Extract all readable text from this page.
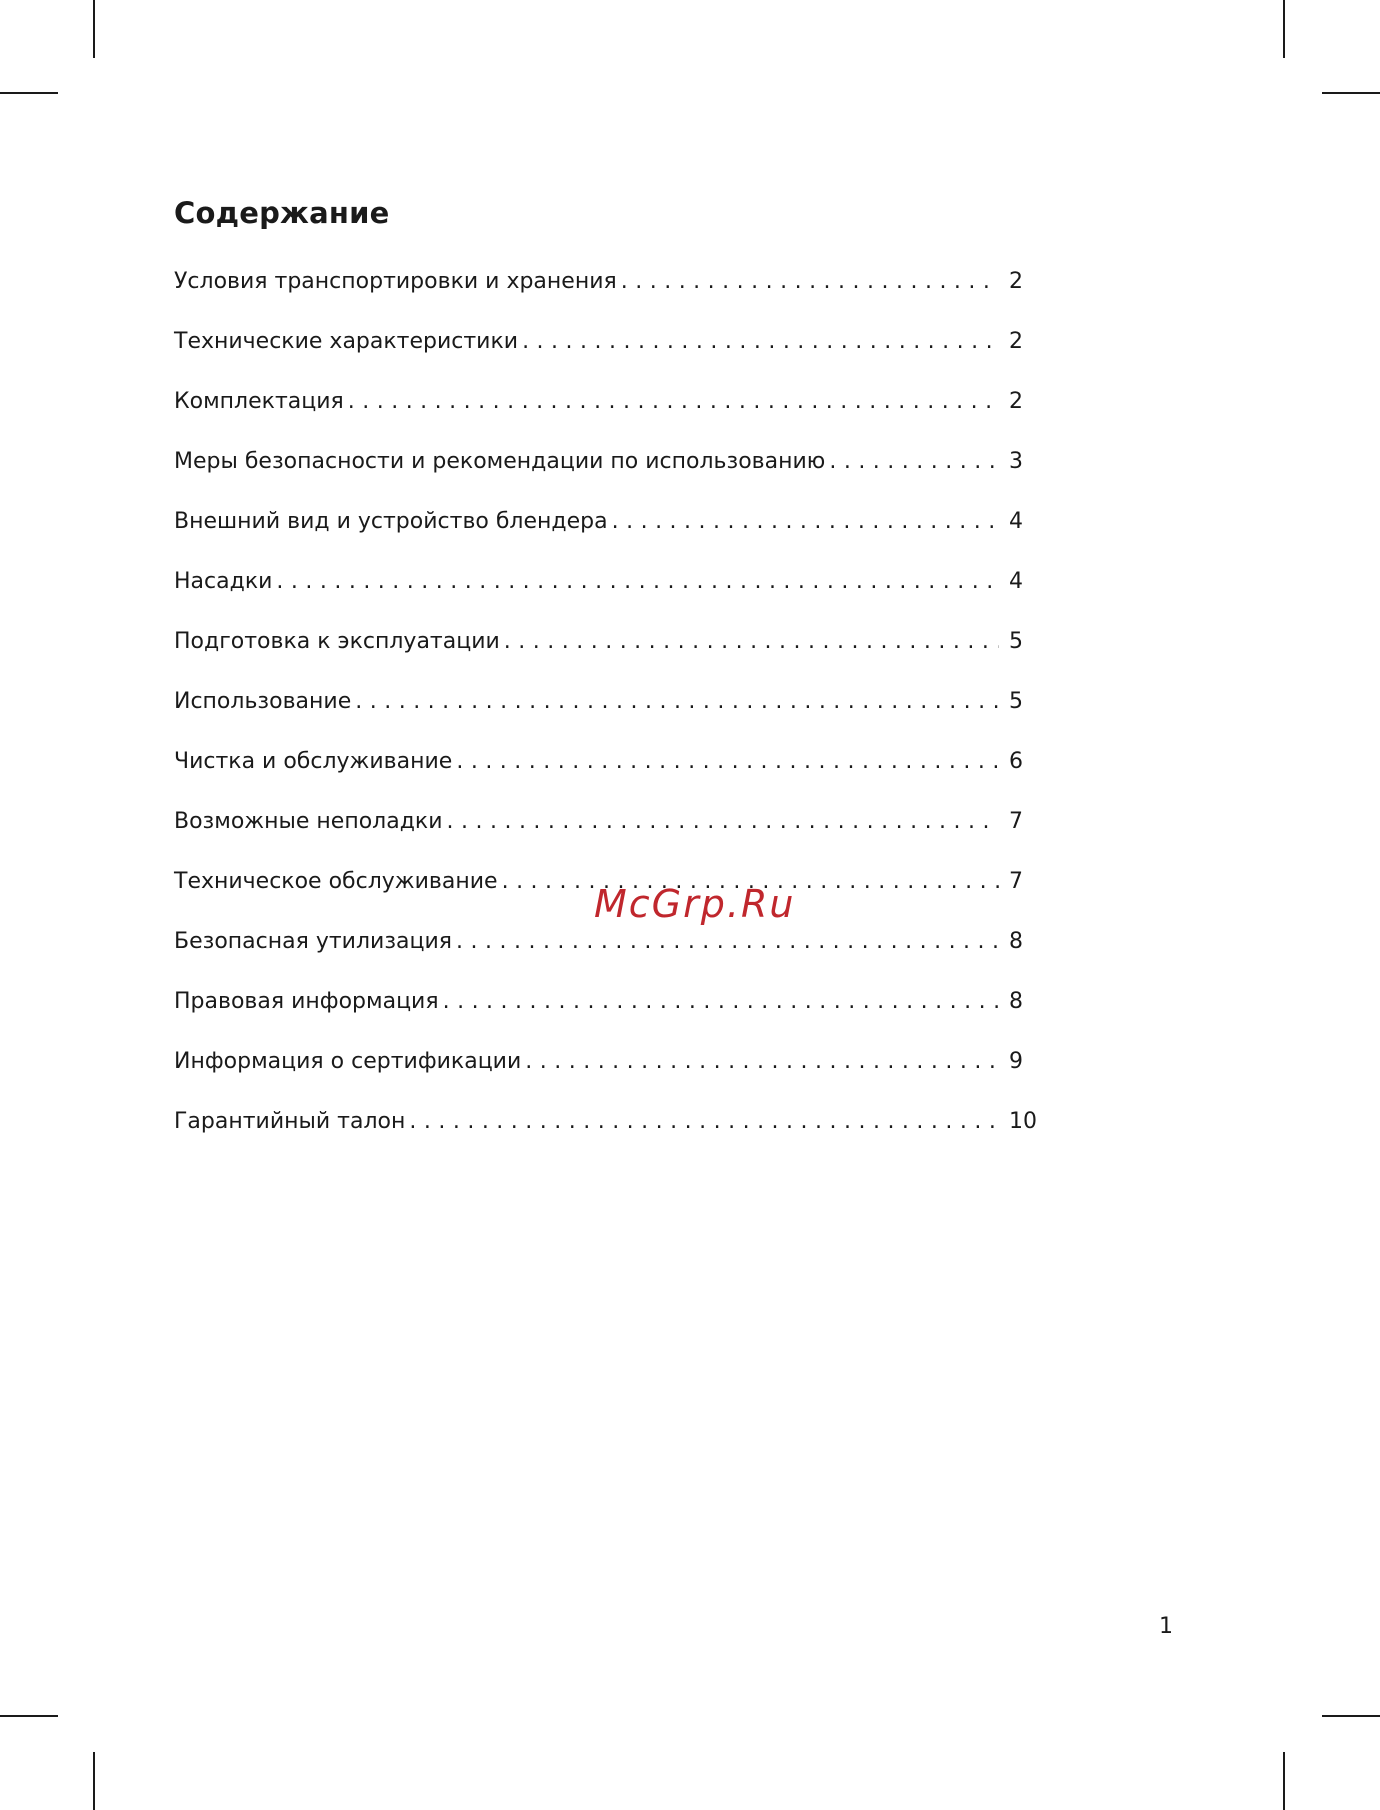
Содержание
Условия транспортировки и хранения . . .	2
Технические характеристики . . .	2
Комплектация . . .	2
Меры безопасности и рекомендации по использованию . . .	3
Внешний вид и устройство блендера . . .	4
Насадки . . .	4
Подготовка к эксплуатации . . .	5
Использование . . .	5
Чистка и обслуживание . . .	6
Возможные неполадки . . .	7
Техническое обслуживание . . .	7
Безопасная утилизация . . .	8
Правовая информация . . .	8
Информация о сертификации . . .	9
Гарантийный талон . . .	10
McGrp.Ru
1
